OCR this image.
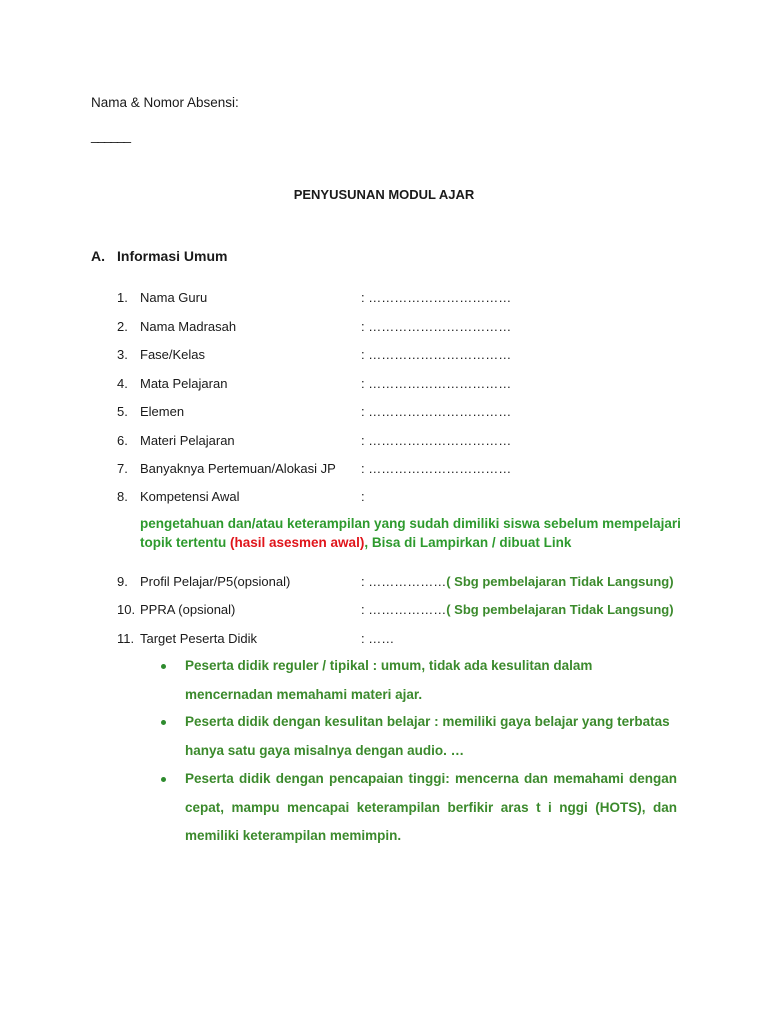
Nama & Nomor Absensi:
______
PENYUSUNAN MODUL AJAR
A. Informasi Umum
1. Nama Guru	: ……………………………
2. Nama Madrasah	: ……………………………
3. Fase/Kelas	: ……………………………
4. Mata Pelajaran	: ……………………………
5. Elemen	: ……………………………
6. Materi Pelajaran	: ……………………………
7. Banyaknya Pertemuan/Alokasi JP : ……………………………
8. Kompetensi Awal	:
pengetahuan dan/atau keterampilan yang sudah dimiliki siswa sebelum mempelajari
topik tertentu (hasil asesmen awal), Bisa di Lampirkan / dibuat Link
9. Profil Pelajar/P5(opsional)	: ………………( Sbg pembelajaran Tidak Langsung)
10. PPRA (opsional)	: ………………( Sbg pembelajaran Tidak Langsung)
11. Target Peserta Didik	: ……
Peserta didik reguler / tipikal : umum, tidak ada kesulitan dalam mencernadan memahami materi ajar.
Peserta didik dengan kesulitan belajar : memiliki gaya belajar yang terbatas hanya satu gaya misalnya dengan audio. …
Peserta didik dengan pencapaian tinggi: mencerna dan memahami dengan cepat, mampu mencapai keterampilan berfikir aras t i nggi (HOTS), dan memiliki keterampilan memimpin.
